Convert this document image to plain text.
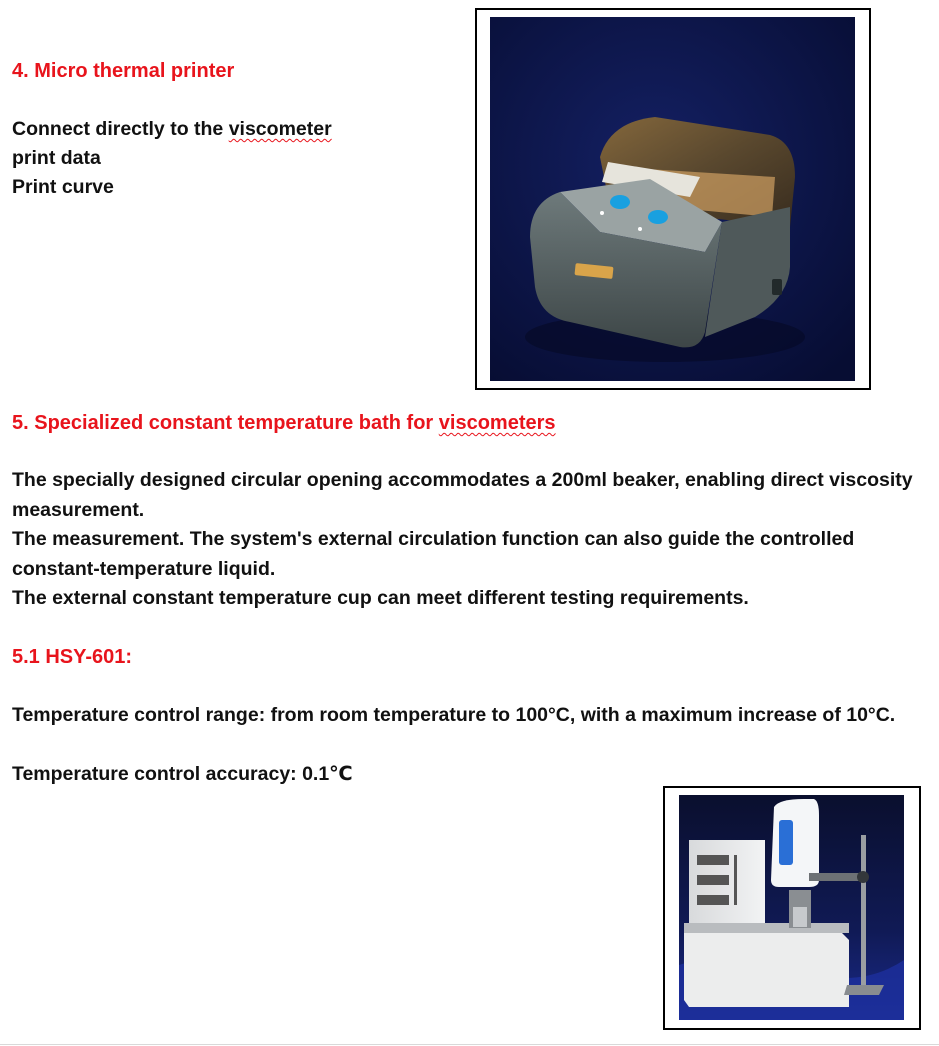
4. Micro thermal printer
Connect directly to the viscometer
print data
Print curve
5. Specialized constant temperature bath for viscometers
The specially designed circular opening accommodates a 200ml beaker, enabling direct viscosity measurement.
The measurement. The system's external circulation function can also guide the controlled constant-temperature liquid.
The external constant temperature cup can meet different testing requirements.
5.1 HSY-601:
Temperature control range: from room temperature to 100°C, with a maximum increase of 10°C.
Temperature control accuracy: 0.1℃
